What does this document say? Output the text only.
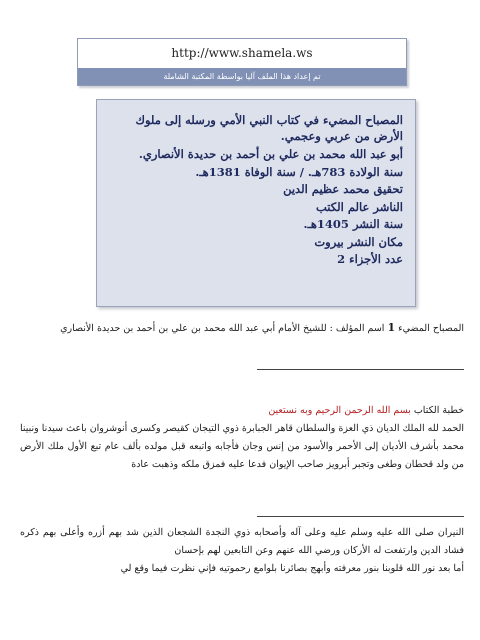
http://www.shamela.ws
تم إعداد هذا الملف آليا بواسطة المكتبة الشاملة
المصباح المضيء في كتاب النبي الأمي ورسله إلى ملوك الأرض من عربي وعجمي.
أبو عبد الله محمد بن علي بن أحمد بن حديدة الأنصاري.
سنة الولادة 783هـ. / سنة الوفاة 1381هـ.
تحقيق محمد عظيم الدين
الناشر عالم الكتب
سنة النشر 1405هـ.
مكان النشر بيروت
عدد الأجزاء 2
المصباح المضيء 1 اسم المؤلف : للشيخ الأمام أبي عبد الله محمد بن علي بن أحمد بن حديدة الأنصاري
خطبة الكتاب بسم الله الرحمن الرحيم وبه نستعين
الحمد لله الملك الديان ذي العزة والسلطان قاهر الجبابرة ذوي التيجان كقيصر وكسرى أنوشروان باعث سيدنا ونبينا محمد بأشرف الأديان إلى الأحمر والأسود من إنس وجان فأجابه واتبعه قبل مولده بألف عام تبع الأول ملك الأرض من ولد قحطان وطغى وتجبر أبرويز صاحب الإيوان فدعا عليه فمزق ملكه وذهبت عادة
النيران صلى الله عليه وسلم عليه وعلى آله وأصحابه ذوي النجدة الشجعان الذين شد بهم أزره وأعلى بهم ذكره فشاد الدين وارتفعت له الأركان ورضي الله عنهم وعن التابعين لهم بإحسان
أما بعد نور الله قلوبنا بنور معرفته وأبهج بصائرنا بلوامع رحموتيه فإني نظرت فيما وقع لي
